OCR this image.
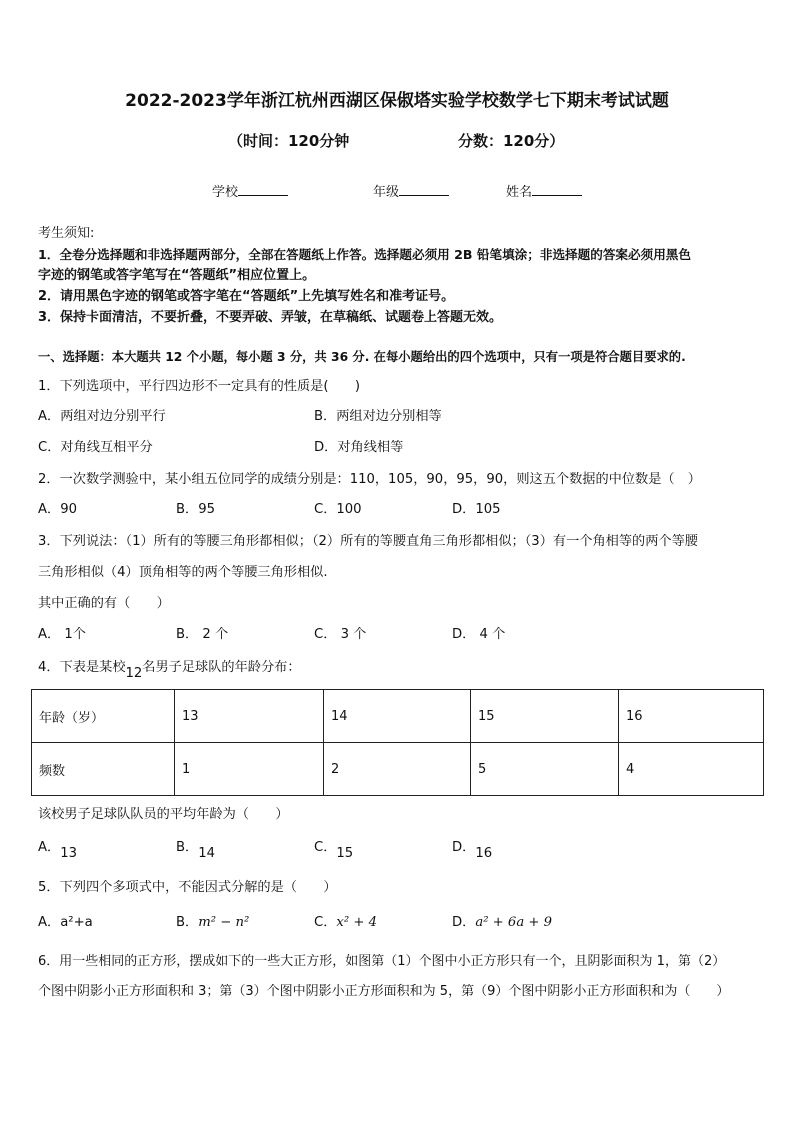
2022-2023学年浙江杭州西湖区保俶塔实验学校数学七下期末考试试题
（时间：120分钟	分数：120分）
学校	年级	姓名
考生须知:
1．全卷分选择题和非选择题两部分，全部在答题纸上作答。选择题必须用 2B 铅笔填涂；非选择题的答案必须用黑色
字迹的钢笔或答字笔写在“答题纸”相应位置上。
2．请用黑色字迹的钢笔或答字笔在“答题纸”上先填写姓名和准考证号。
3．保持卡面清洁，不要折叠，不要弄破、弄皱，在草稿纸、试题卷上答题无效。
一、选择题：本大题共 12 个小题，每小题 3 分，共 36 分. 在每小题给出的四个选项中，只有一项是符合题目要求的.
1．下列选项中，平行四边形不一定具有的性质是(　　)
A．两组对边分别平行	B．两组对边分别相等
C．对角线互相平分	D．对角线相等
2．一次数学测验中，某小组五位同学的成绩分别是：110，105，90，95，90，则这五个数据的中位数是（　）
A．90	B．95	C．100	D．105
3．下列说法：（1）所有的等腰三角形都相似；（2）所有的等腰直角三角形都相似；（3）有一个角相等的两个等腰
三角形相似（4）顶角相等的两个等腰三角形相似.
其中正确的有（　　）
A． 1个	B． 2 个	C． 3 个	D． 4 个
4．下表是某校12名男子足球队的年龄分布：
年龄（岁）	13	14	15	16
频数	1	2	5	4
该校男子足球队队员的平均年龄为（　　）
A．13	B．14	C．15	D．16
5．下列四个多项式中，不能因式分解的是（　　）
A．a²+a	B．m² − n²	C．x² + 4	D．a² + 6a + 9
6．用一些相同的正方形，摆成如下的一些大正方形，如图第（1）个图中小正方形只有一个，且阴影面积为 1，第（2）
个图中阴影小正方形面积和 3；第（3）个图中阴影小正方形面积和为 5，第（9）个图中阴影小正方形面积和为（　　）
